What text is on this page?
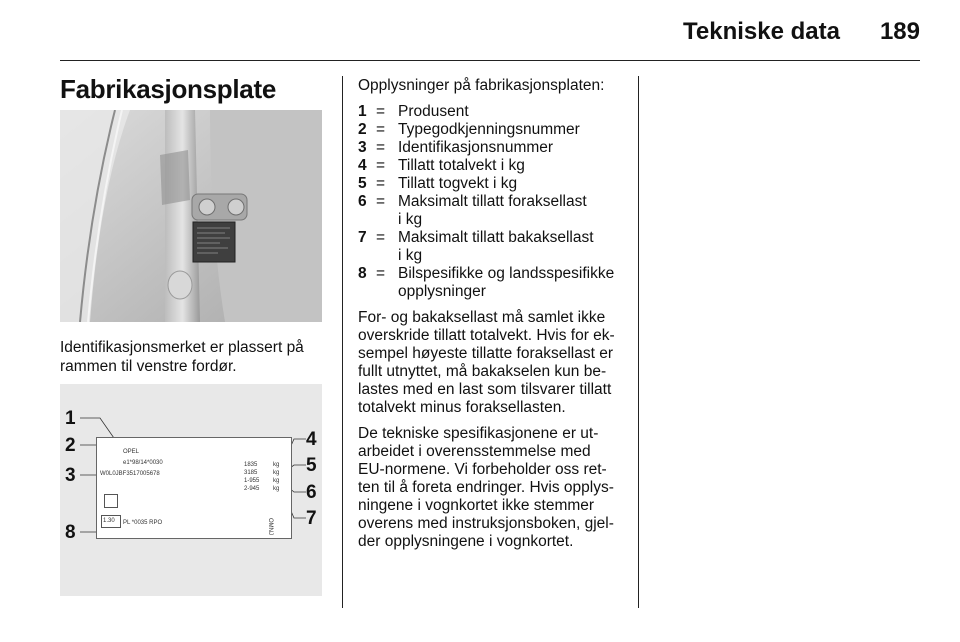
Tekniske data 189
Fabrikasjonsplate
Identifikasjonsmerket er plassert på
rammen til venstre fordør.
OPEL
e1*98/14*0030
W0L0JBF3517005678
1835
3185
1-955
2-945
kg
kg
kg
kg
1.30 PL *0035 RPO	OMNJ
1
2
3
4
5
6
7
8
Opplysninger på fabrikasjonsplaten:
1 = Produsent
2 = Typegodkjenningsnummer
3 = Identifikasjonsnummer
4 = Tillatt totalvekt i kg
5 = Tillatt togvekt i kg
6 = Maksimalt tillatt foraksellast
i kg
7 = Maksimalt tillatt bakaksellast
i kg
8 = Bilspesifikke og landsspesifikke
opplysninger
For- og bakaksellast må samlet ikke
overskride tillatt totalvekt. Hvis for ek-
sempel høyeste tillatte foraksellast er
fullt utnyttet, må bakakselen kun be-
lastes med en last som tilsvarer tillatt
totalvekt minus foraksellasten.
De tekniske spesifikasjonene er ut-
arbeidet i overensstemmelse med
EU-normene. Vi forbeholder oss ret-
ten til å foreta endringer. Hvis opplys-
ningene i vognkortet ikke stemmer
overens med instruksjonsboken, gjel-
der opplysningene i vognkortet.
